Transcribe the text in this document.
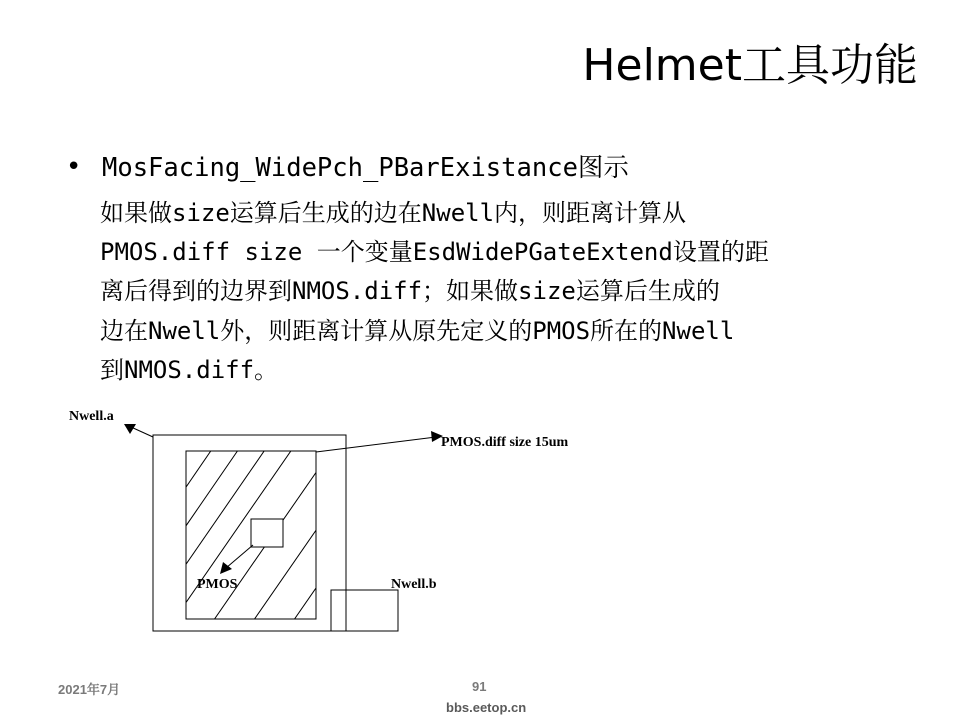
Helmet工具功能
• MosFacing_WidePch_PBarExistance图示
如果做size运算后生成的边在Nwell内，则距离计算从
PMOS.diff size 一个变量EsdWidePGateExtend设置的距
离后得到的边界到NMOS.diff；如果做size运算后生成的
边在Nwell外，则距离计算从原先定义的PMOS所在的Nwell
到NMOS.diff。
Nwell.a
PMOS.diff size 15um
PMOS	Nwell.b
2021年7月	91
bbs.eetop.cn
